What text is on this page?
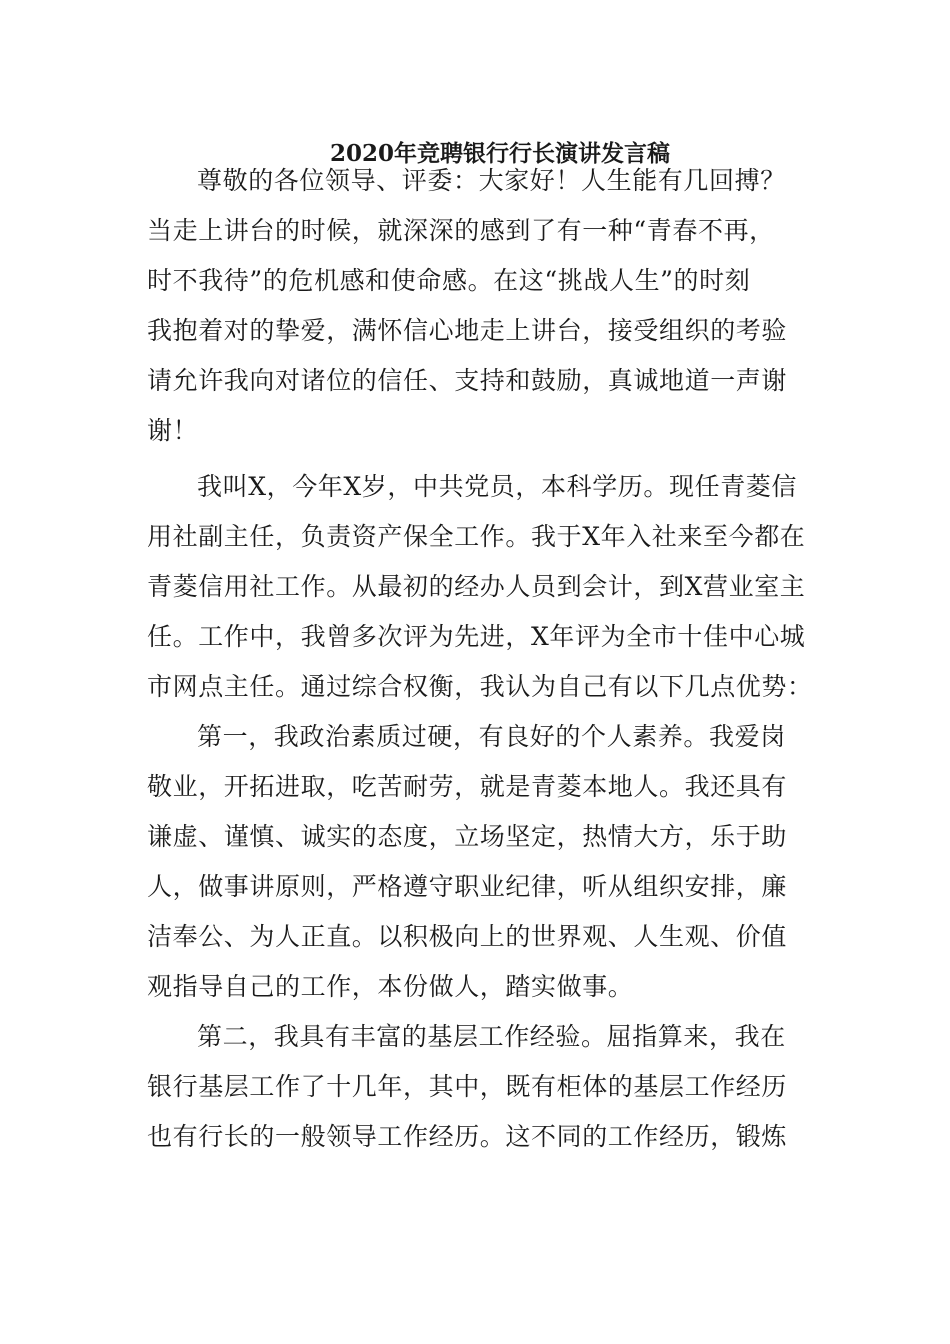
2020年竞聘银行行长演讲发言稿
尊敬的各位领导、评委：大家好！人生能有几回搏？
当走上讲台的时候，就深深的感到了有一种“青春不再，
时不我待”的危机感和使命感。在这“挑战人生”的时刻
我抱着对的挚爱，满怀信心地走上讲台，接受组织的考验
请允许我向对诸位的信任、支持和鼓励，真诚地道一声谢
谢！
我叫X，今年X岁，中共党员，本科学历。现任青菱信
用社副主任，负责资产保全工作。我于X年入社来至今都在
青菱信用社工作。从最初的经办人员到会计，到X营业室主
任。工作中，我曾多次评为先进，X年评为全市十佳中心城
市网点主任。通过综合权衡，我认为自己有以下几点优势：
第一，我政治素质过硬，有良好的个人素养。我爱岗
敬业，开拓进取，吃苦耐劳，就是青菱本地人。我还具有
谦虚、谨慎、诚实的态度，立场坚定，热情大方，乐于助
人，做事讲原则，严格遵守职业纪律，听从组织安排，廉
洁奉公、为人正直。以积极向上的世界观、人生观、价值
观指导自己的工作，本份做人，踏实做事。
第二，我具有丰富的基层工作经验。屈指算来，我在
银行基层工作了十几年，其中，既有柜体的基层工作经历
也有行长的一般领导工作经历。这不同的工作经历，锻炼
